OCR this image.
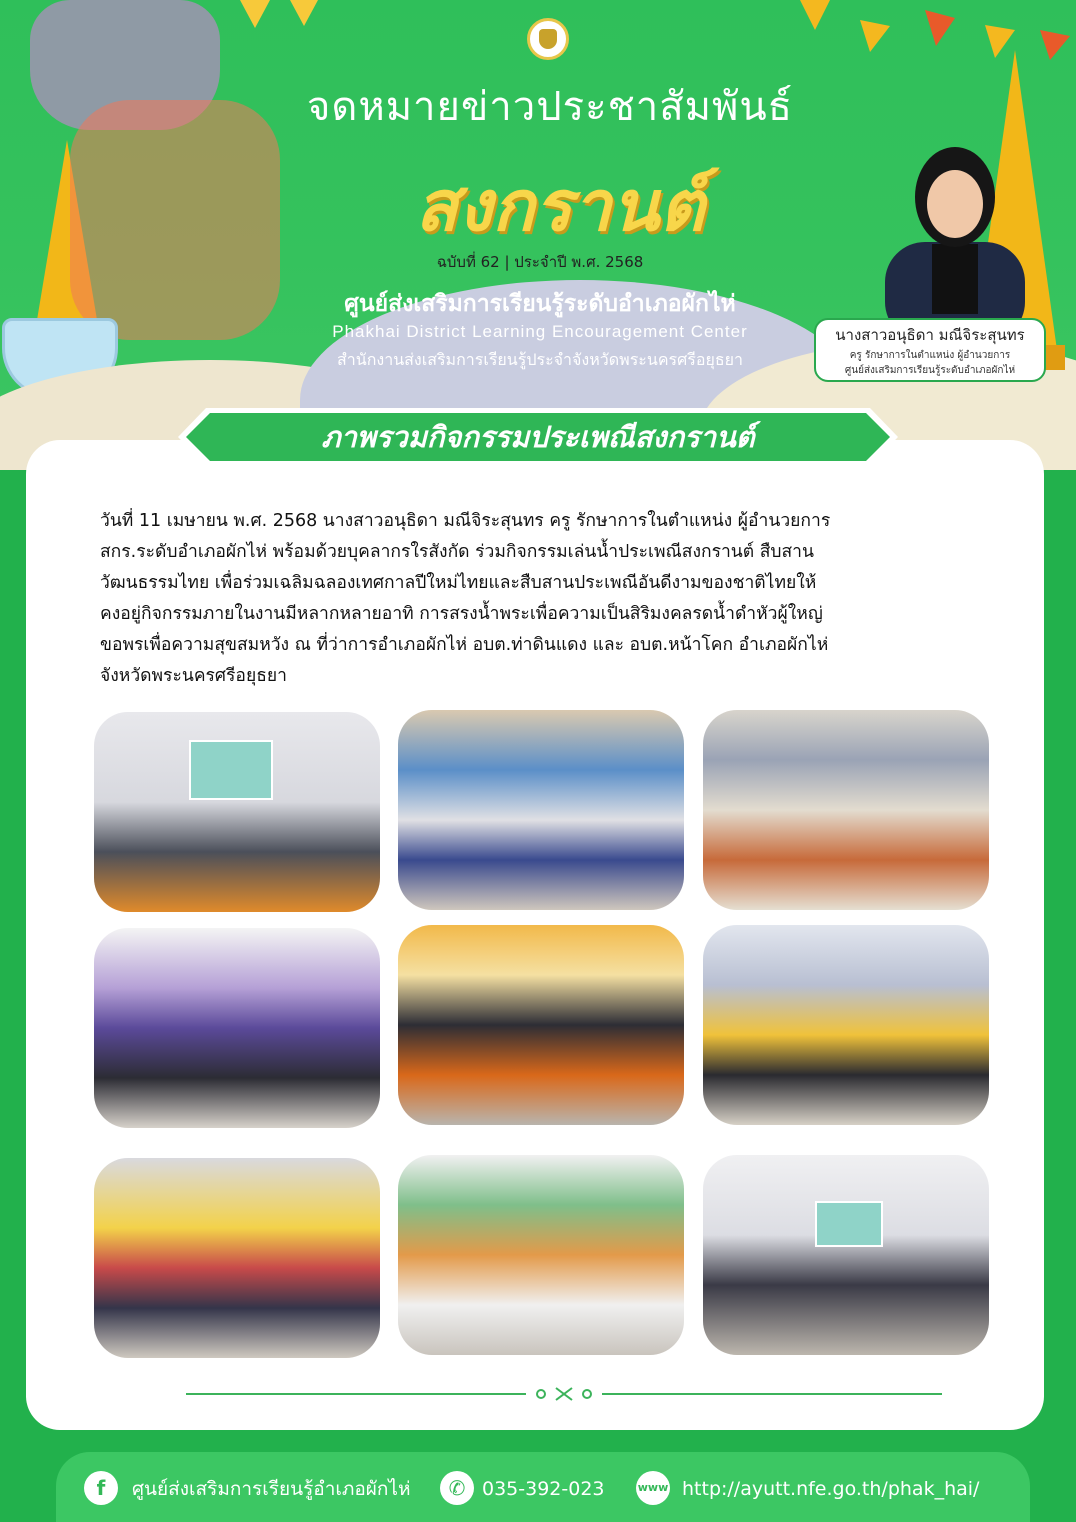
จดหมายข่าวประชาสัมพันธ์
สงกรานต์
ฉบับที่ 62 | ประจำปี พ.ศ. 2568
ศูนย์ส่งเสริมการเรียนรู้ระดับอำเภอผักไห่
Phakhai District Learning Encouragement Center
สำนักงานส่งเสริมการเรียนรู้ประจำจังหวัดพระนครศรีอยุธยา
นางสาวอนุธิดา มณีจิระสุนทร
ครู รักษาการในตำแหน่ง ผู้อำนวยการ
ศูนย์ส่งเสริมการเรียนรู้ระดับอำเภอผักไห่
ภาพรวมกิจกรรมประเพณีสงกรานต์
วันที่ 11 เมษายน พ.ศ. 2568 นางสาวอนุธิดา มณีจิระสุนทร ครู รักษาการในตำแหน่ง ผู้อำนวยการ
สกร.ระดับอำเภอผักไห่ พร้อมด้วยบุคลากรใรสังกัด ร่วมกิจกรรมเล่นน้ำประเพณีสงกรานต์ สืบสาน
วัฒนธรรมไทย เพื่อร่วมเฉลิมฉลองเทศกาลปีใหม่ไทยและสืบสานประเพณีอันดีงามของชาติไทยให้
คงอยู่กิจกรรมภายในงานมีหลากหลายอาทิ การสรงน้ำพระเพื่อความเป็นสิริมงคลรดน้ำดำหัวผู้ใหญ่
ขอพรเพื่อความสุขสมหวัง ณ ที่ว่าการอำเภอผักไห่ อบต.ท่าดินแดง และ อบต.หน้าโคก อำเภอผักไห่
จังหวัดพระนครศรีอยุธยา
f	ศูนย์ส่งเสริมการเรียนรู้อำเภอผักไห่	✆ 035-392-023	www http://ayutt.nfe.go.th/phak_hai/
